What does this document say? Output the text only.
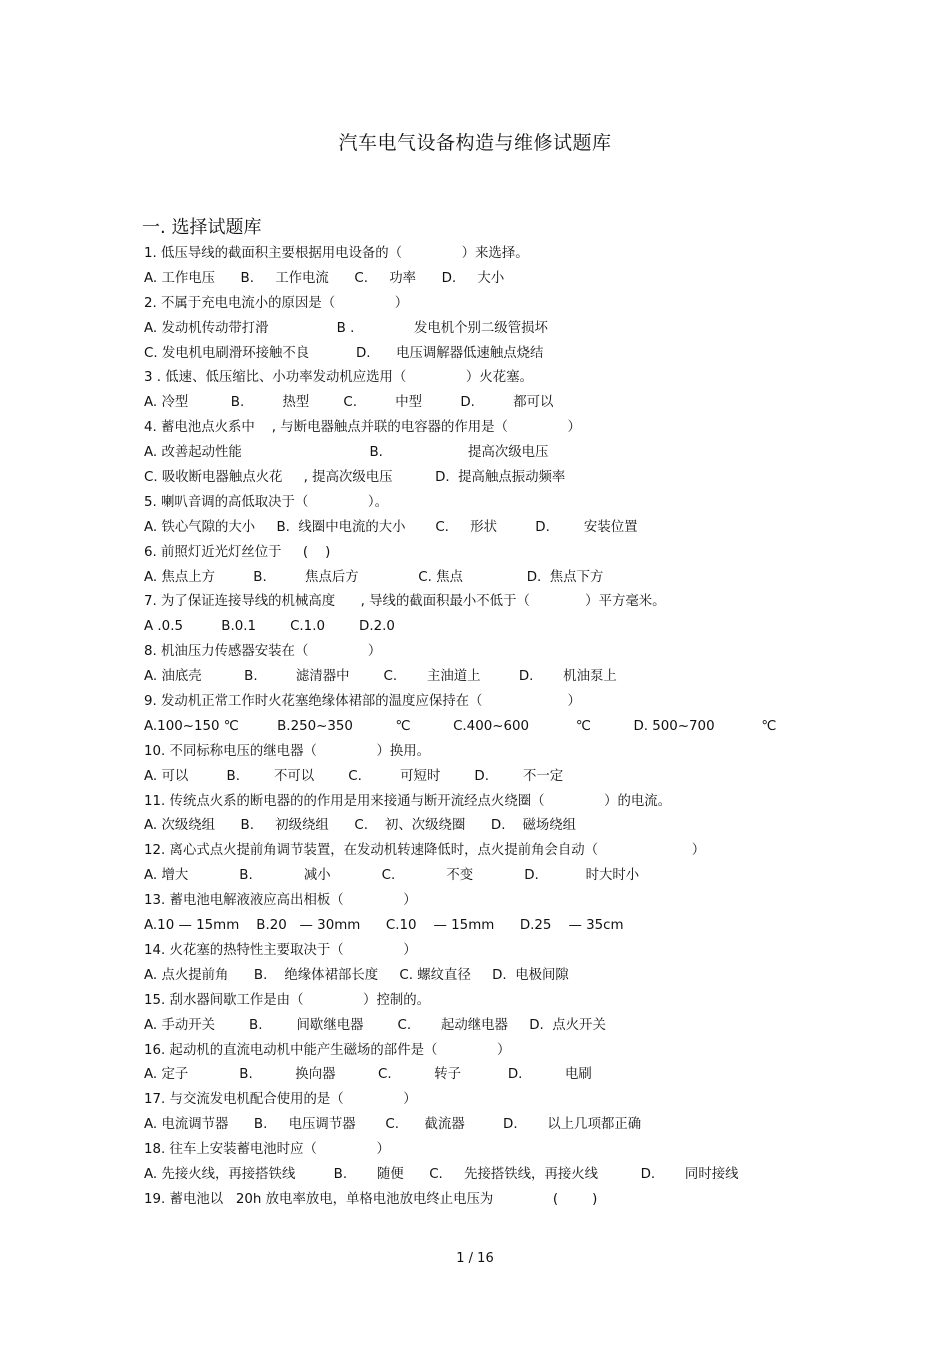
汽车电气设备构造与维修试题库
一. 选择试题库
1. 低压导线的截面积主要根据用电设备的（              ）来选择。
A. 工作电压      B.     工作电流      C.     功率      D.     大小
2. 不属于充电电流小的原因是（              ）
A. 发动机传动带打滑                B .              发电机个别二级管损坏
C. 发电机电刷滑环接触不良           D.      电压调解器低速触点烧结
3 . 低速、低压缩比、小功率发动机应选用（              ）火花塞。
A. 冷型          B.         热型        C.         中型         D.         都可以
4. 蓄电池点火系中    , 与断电器触点并联的电容器的作用是（              ）
A. 改善起动性能                              B.                    提高次级电压
C. 吸收断电器触点火花     , 提高次级电压          D.  提高触点振动频率
5. 喇叭音调的高低取决于（              ）。
A. 铁心气隙的大小     B.  线圈中电流的大小       C.     形状         D.        安装位置
6. 前照灯近光灯丝位于     (    )
A. 焦点上方         B.         焦点后方              C. 焦点               D.  焦点下方
7. 为了保证连接导线的机械高度      , 导线的截面积最小不低于（             ）平方毫米。
A .0.5         B.0.1        C.1.0        D.2.0
8. 机油压力传感器安装在（              ）
A. 油底壳          B.         滤清器中        C.       主油道上         D.       机油泵上
9. 发动机正常工作时火花塞绝缘体裙部的温度应保持在（                    ）
A.100~150 ℃         B.250~350          ℃          C.400~600           ℃          D. 500~700           ℃
10. 不同标称电压的继电器（              ）换用。
A. 可以         B.        不可以        C.         可短时        D.        不一定
11. 传统点火系的断电器的的作用是用来接通与断开流经点火绕圈（              ）的电流。
A. 次级绕组      B.     初级绕组      C.    初、次级绕圈      D.    磁场绕组
12. 离心式点火提前角调节装置，在发动机转速降低时，点火提前角会自动（                      ）
A. 增大            B.            减小            C.            不变            D.           时大时小
13. 蓄电池电解液液应高出相板（              ）
A.10 — 15mm    B.20   — 30mm      C.10    — 15mm      D.25    — 35cm
14. 火花塞的热特性主要取决于（              ）
A. 点火提前角      B.    绝缘体裙部长度     C. 螺纹直径     D.  电极间隙
15. 刮水器间歇工作是由（              ）控制的。
A. 手动开关        B.        间歇继电器        C.       起动继电器     D.  点火开关
16. 起动机的直流电动机中能产生磁场的部件是（              ）
A. 定子            B.          换向器          C.          转子           D.          电刷
17. 与交流发电机配合使用的是（              ）
A. 电流调节器      B.     电压调节器       C.      截流器         D.       以上几项都正确
18. 往车上安装蓄电池时应（              ）
A. 先接火线，再接搭铁线         B.       随便      C.     先接搭铁线，再接火线          D.       同时接线
19. 蓄电池以   20h 放电率放电，单格电池放电终止电压为              (        )
1 / 16
